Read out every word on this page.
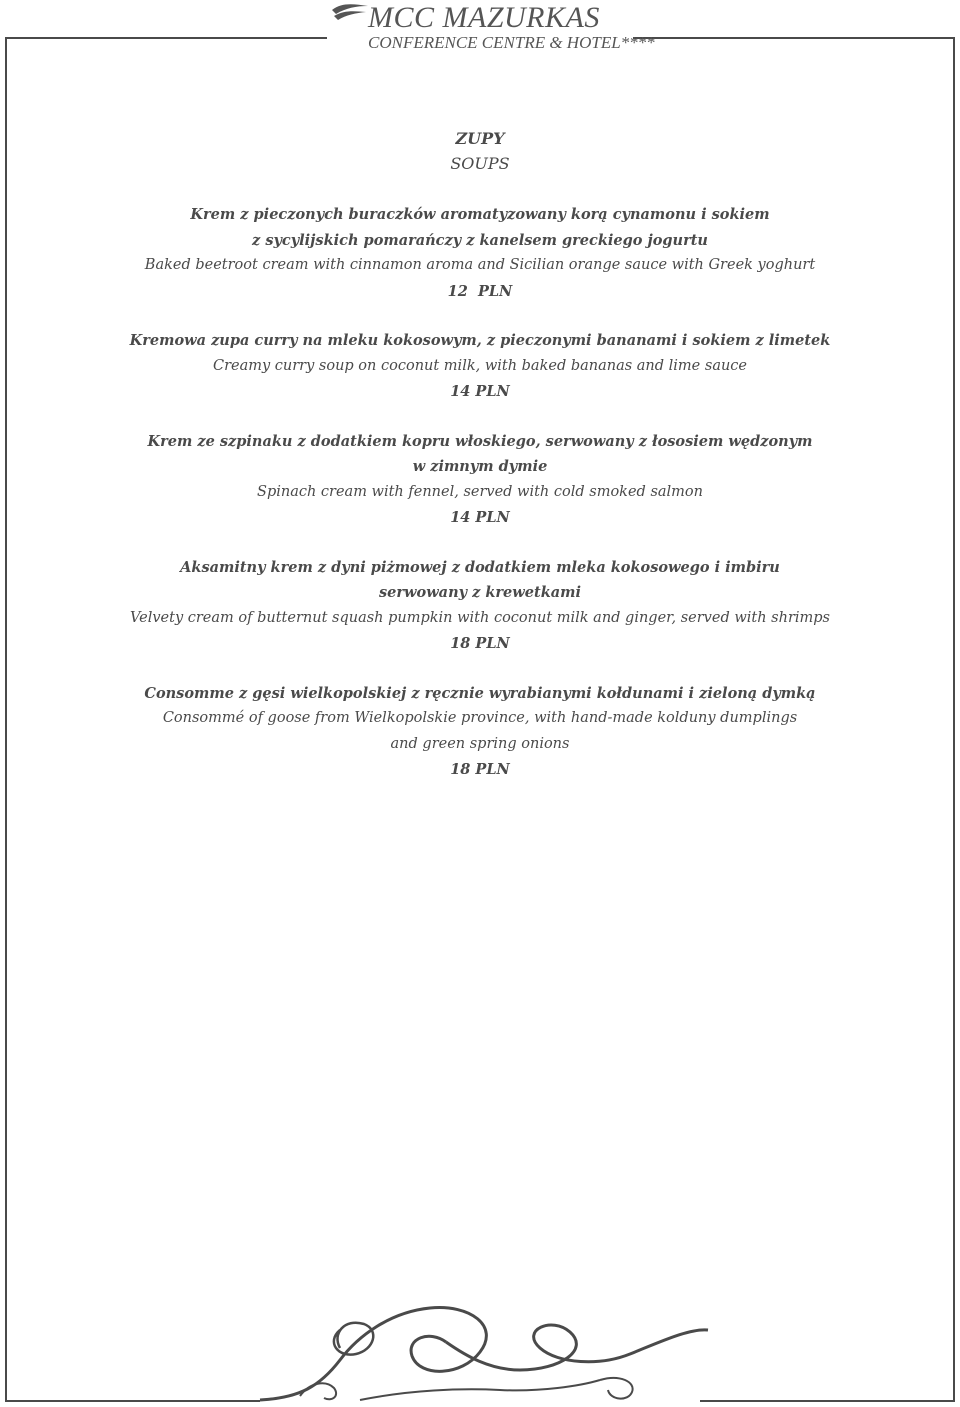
MCC MAZURKAS
CONFERENCE CENTRE & HOTEL****
ZUPY
SOUPS
Krem z pieczonych buraczków aromatyzowany korą cynamonu i sokiem
z sycylijskich pomarańczy z kanelsem greckiego jogurtu
Baked beetroot cream with cinnamon aroma and Sicilian orange sauce with Greek yoghurt
12  PLN
Kremowa zupa curry na mleku kokosowym, z pieczonymi bananami i sokiem z limetek
Creamy curry soup on coconut milk, with baked bananas and lime sauce
14 PLN
Krem ze szpinaku z dodatkiem kopru włoskiego, serwowany z łososiem wędzonym
w zimnym dymie
Spinach cream with fennel, served with cold smoked salmon
14 PLN
Aksamitny krem z dyni piżmowej z dodatkiem mleka kokosowego i imbiru
serwowany z krewetkami
Velvety cream of butternut squash pumpkin with coconut milk and ginger, served with shrimps
18 PLN
Consomme z gęsi wielkopolskiej z ręcznie wyrabianymi kołdunami i zieloną dymką
Consommé of goose from Wielkopolskie province, with hand-made kolduny dumplings
and green spring onions
18 PLN
